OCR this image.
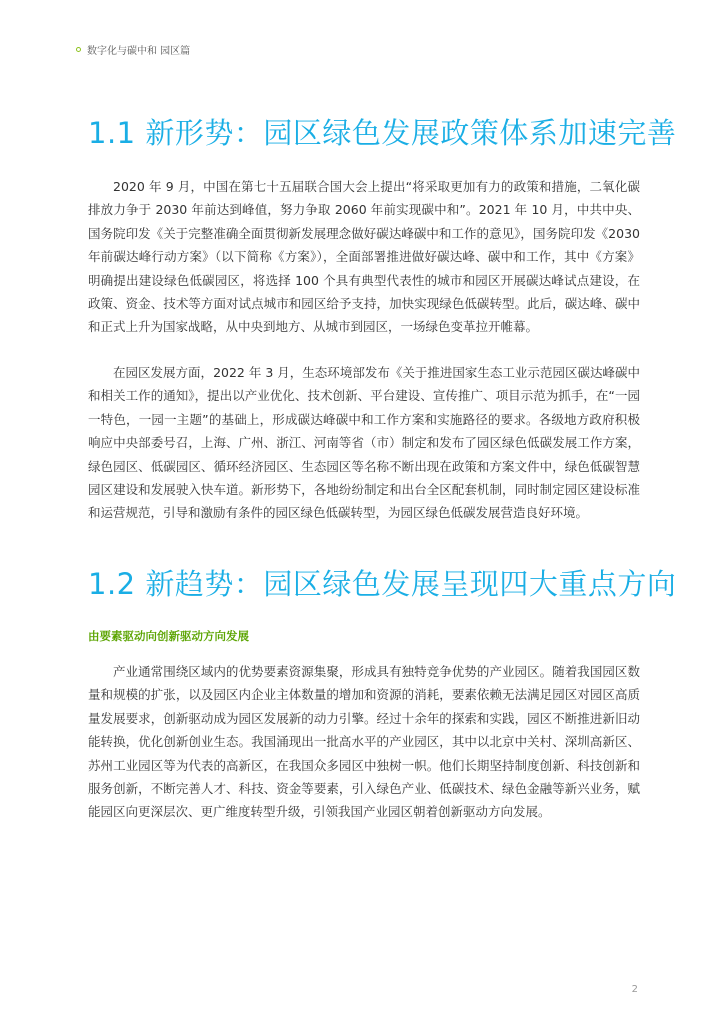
数字化与碳中和 园区篇
1.1 新形势：园区绿色发展政策体系加速完善

2020 年 9 月，中国在第七十五届联合国大会上提出“将采取更加有力的政策和措施，二氧化碳排放力争于 2030 年前达到峰值，努力争取 2060 年前实现碳中和”。2021 年 10 月，中共中央、国务院印发《关于完整准确全面贯彻新发展理念做好碳达峰碳中和工作的意见》，国务院印发《2030 年前碳达峰行动方案》（以下简称《方案》），全面部署推进做好碳达峰、碳中和工作，其中《方案》明确提出建设绿色低碳园区，将选择 100 个具有典型代表性的城市和园区开展碳达峰试点建设，在政策、资金、技术等方面对试点城市和园区给予支持，加快实现绿色低碳转型。此后，碳达峰、碳中和正式上升为国家战略，从中央到地方、从城市到园区，一场绿色变革拉开帷幕。

在园区发展方面，2022 年 3 月，生态环境部发布《关于推进国家生态工业示范园区碳达峰碳中和相关工作的通知》，提出以产业优化、技术创新、平台建设、宣传推广、项目示范为抓手，在“一园一特色，一园一主题”的基础上，形成碳达峰碳中和工作方案和实施路径的要求。各级地方政府积极响应中央部委号召，上海、广州、浙江、河南等省（市）制定和发布了园区绿色低碳发展工作方案，绿色园区、低碳园区、循环经济园区、生态园区等名称不断出现在政策和方案文件中，绿色低碳智慧园区建设和发展驶入快车道。新形势下，各地纷纷制定和出台全区配套机制，同时制定园区建设标准和运营规范，引导和激励有条件的园区绿色低碳转型，为园区绿色低碳发展营造良好环境。

1.2 新趋势：园区绿色发展呈现四大重点方向
由要素驱动向创新驱动方向发展

产业通常围绕区域内的优势要素资源集聚，形成具有独特竞争优势的产业园区。随着我国园区数量和规模的扩张，以及园区内企业主体数量的增加和资源的消耗，要素依赖无法满足园区对园区高质量发展要求，创新驱动成为园区发展新的动力引擎。经过十余年的探索和实践，园区不断推进新旧动能转换，优化创新创业生态。我国涌现出一批高水平的产业园区，其中以北京中关村、深圳高新区、苏州工业园区等为代表的高新区，在我国众多园区中独树一帜。他们长期坚持制度创新、科技创新和服务创新，不断完善人才、科技、资金等要素，引入绿色产业、低碳技术、绿色金融等新兴业务，赋能园区向更深层次、更广维度转型升级，引领我国产业园区朝着创新驱动方向发展。

2
